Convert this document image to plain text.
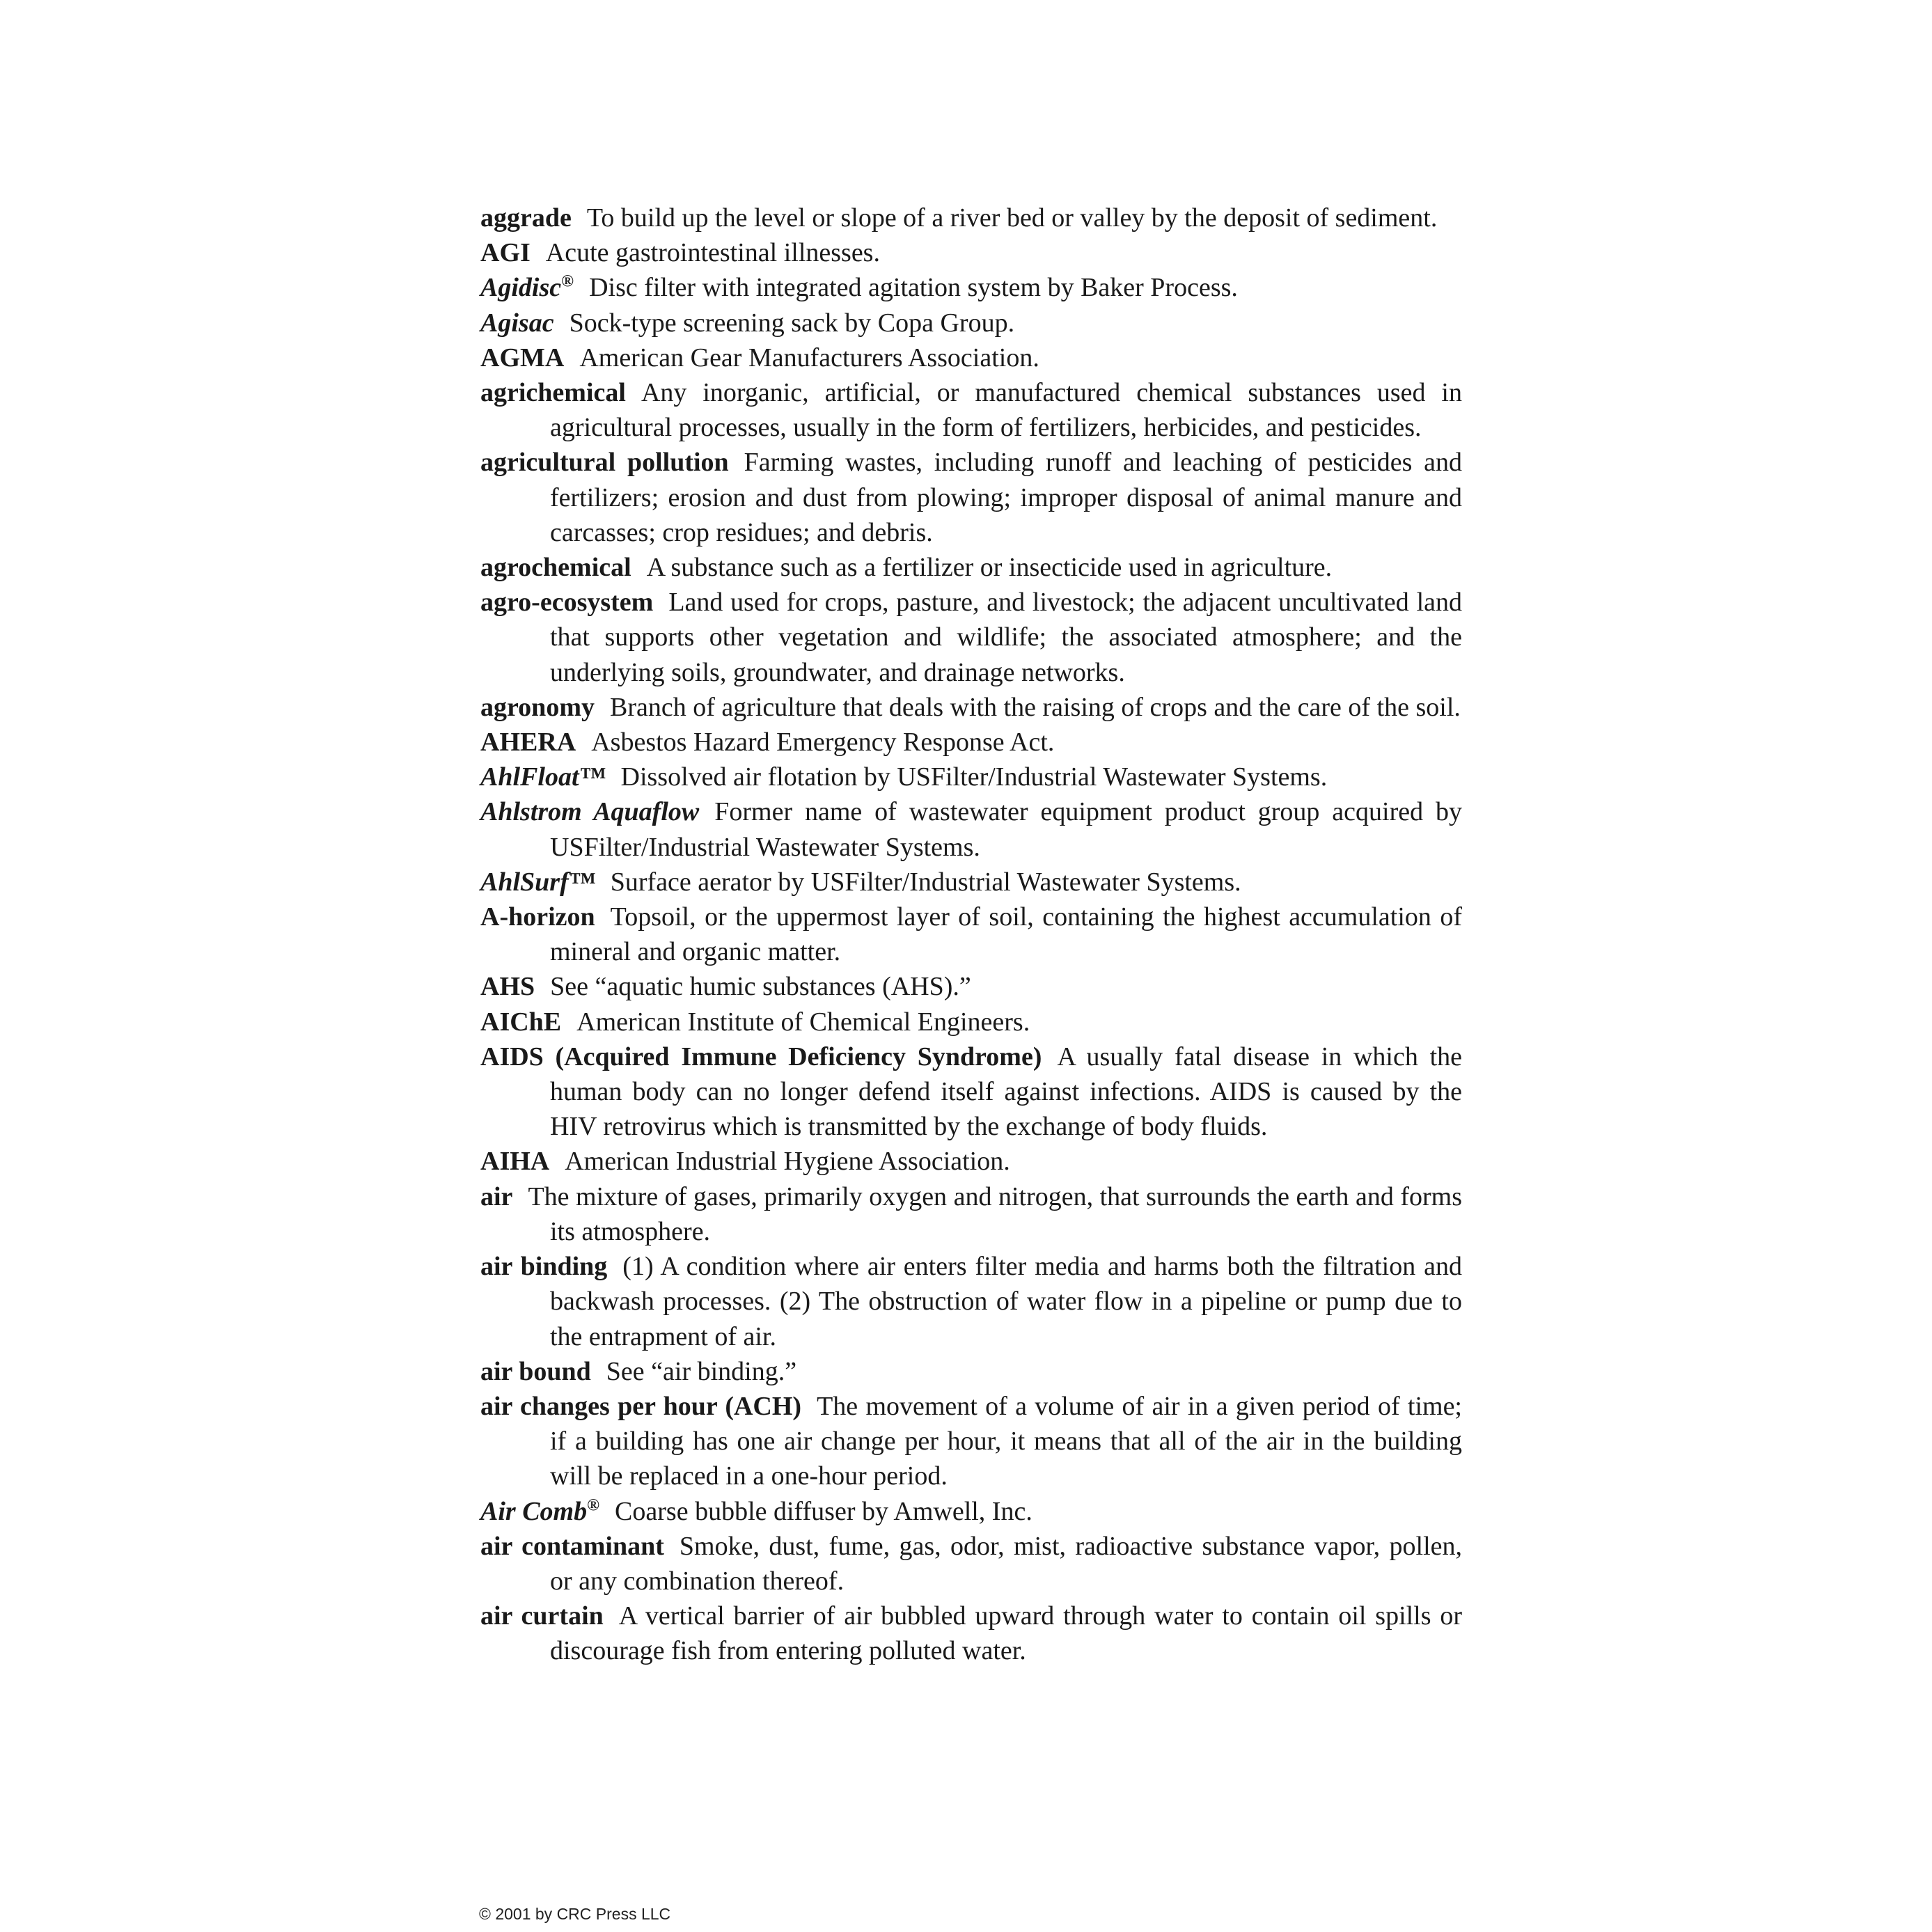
aggrade To build up the level or slope of a river bed or valley by the deposit of sediment.

AGI Acute gastrointestinal illnesses.

Agidisc® Disc filter with integrated agitation system by Baker Process.

Agisac Sock-type screening sack by Copa Group.

AGMA American Gear Manufacturers Association.

agrichemical Any inorganic, artificial, or manufactured chemical substances used in agricultural processes, usually in the form of fertilizers, herbicides, and pesticides.

agricultural pollution Farming wastes, including runoff and leaching of pesticides and fertilizers; erosion and dust from plowing; improper disposal of animal manure and carcasses; crop residues; and debris.

agrochemical A substance such as a fertilizer or insecticide used in agriculture.

agro-ecosystem Land used for crops, pasture, and livestock; the adjacent uncultivated land that supports other vegetation and wildlife; the associated atmosphere; and the underlying soils, groundwater, and drainage networks.

agronomy Branch of agriculture that deals with the raising of crops and the care of the soil.

AHERA Asbestos Hazard Emergency Response Act.

AhlFloat™ Dissolved air flotation by USFilter/Industrial Wastewater Systems.

Ahlstrom Aquaflow Former name of wastewater equipment product group acquired by USFilter/Industrial Wastewater Systems.

AhlSurf™ Surface aerator by USFilter/Industrial Wastewater Systems.

A-horizon Topsoil, or the uppermost layer of soil, containing the highest accumulation of mineral and organic matter.

AHS See “aquatic humic substances (AHS).”

AIChE American Institute of Chemical Engineers.

AIDS (Acquired Immune Deficiency Syndrome) A usually fatal disease in which the human body can no longer defend itself against infections. AIDS is caused by the HIV retrovirus which is transmitted by the exchange of body fluids.

AIHA American Industrial Hygiene Association.

air The mixture of gases, primarily oxygen and nitrogen, that surrounds the earth and forms its atmosphere.

air binding (1) A condition where air enters filter media and harms both the filtration and backwash processes. (2) The obstruction of water flow in a pipeline or pump due to the entrapment of air.

air bound See “air binding.”

air changes per hour (ACH) The movement of a volume of air in a given period of time; if a building has one air change per hour, it means that all of the air in the building will be replaced in a one-hour period.

Air Comb® Coarse bubble diffuser by Amwell, Inc.

air contaminant Smoke, dust, fume, gas, odor, mist, radioactive substance vapor, pollen, or any combination thereof.

air curtain A vertical barrier of air bubbled upward through water to contain oil spills or discourage fish from entering polluted water.

© 2001 by CRC Press LLC
